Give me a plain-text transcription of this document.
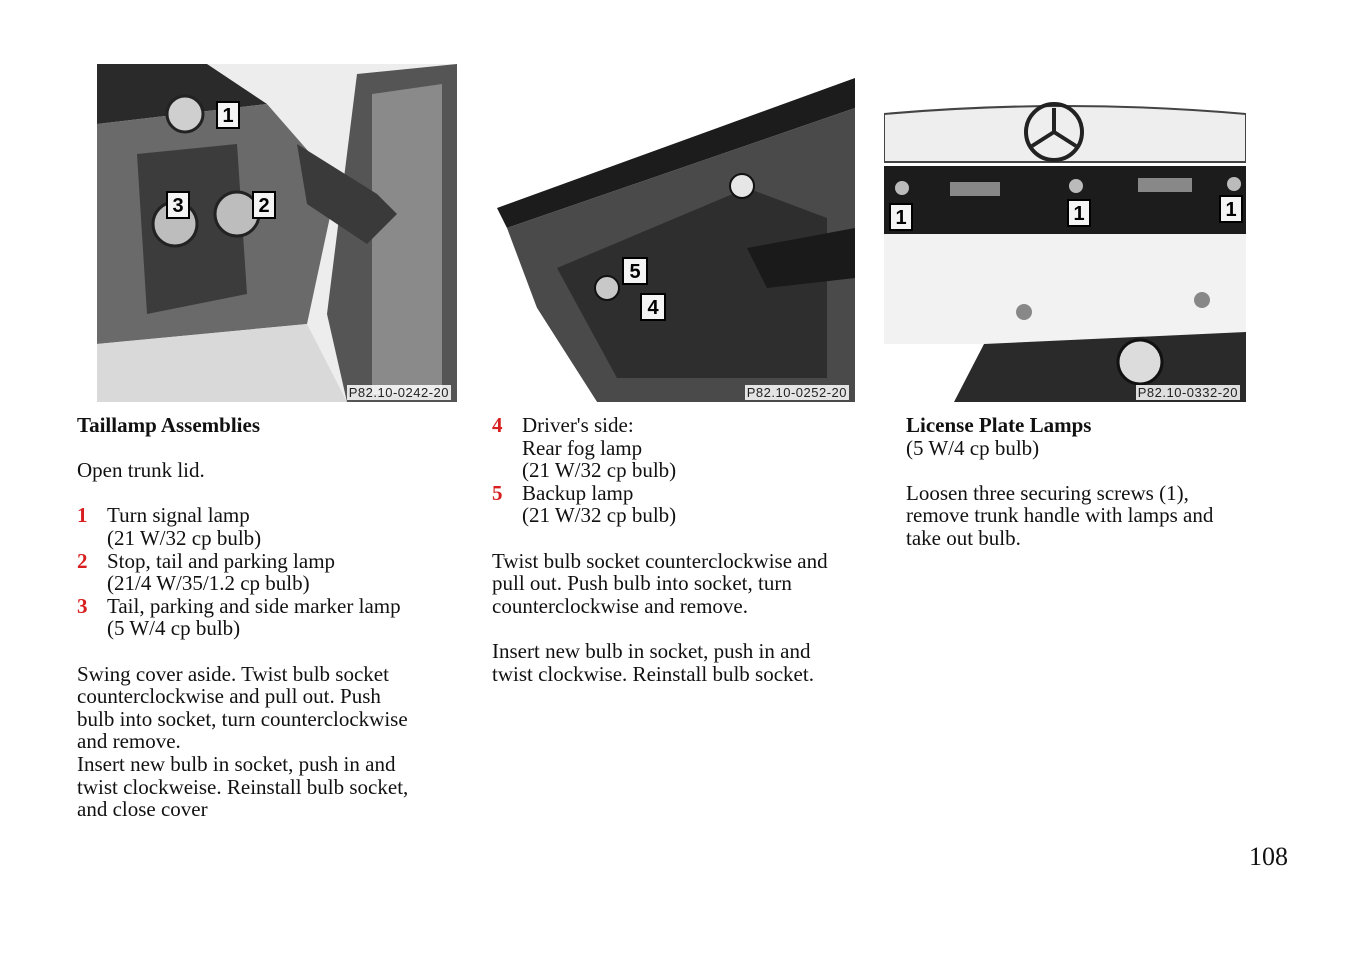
1
2
3
P82.10-0242-20
5
4
P82.10-0252-20
1	1	1
P82.10-0332-20
Taillamp Assemblies
Open trunk lid.
1 Turn signal lamp
(21 W/32 cp bulb)
2 Stop, tail and parking lamp
(21/4 W/35/1.2 cp bulb)
3 Tail, parking and side marker lamp
(5 W/4 cp bulb)
Swing cover aside. Twist bulb socket
counterclockwise and pull out. Push
bulb into socket, turn counterclockwise
and remove.
Insert new bulb in socket, push in and
twist clockweise. Reinstall bulb socket,
and close cover
4 Driver's side:
Rear fog lamp
(21 W/32 cp bulb)
5 Backup lamp
(21 W/32 cp bulb)
Twist bulb socket counterclockwise and
pull out. Push bulb into socket, turn
counterclockwise and remove.
Insert new bulb in socket, push in and
twist clockwise. Reinstall bulb socket.
License Plate Lamps
(5 W/4 cp bulb)
Loosen three securing screws (1),
remove trunk handle with lamps and
take out bulb.
108
